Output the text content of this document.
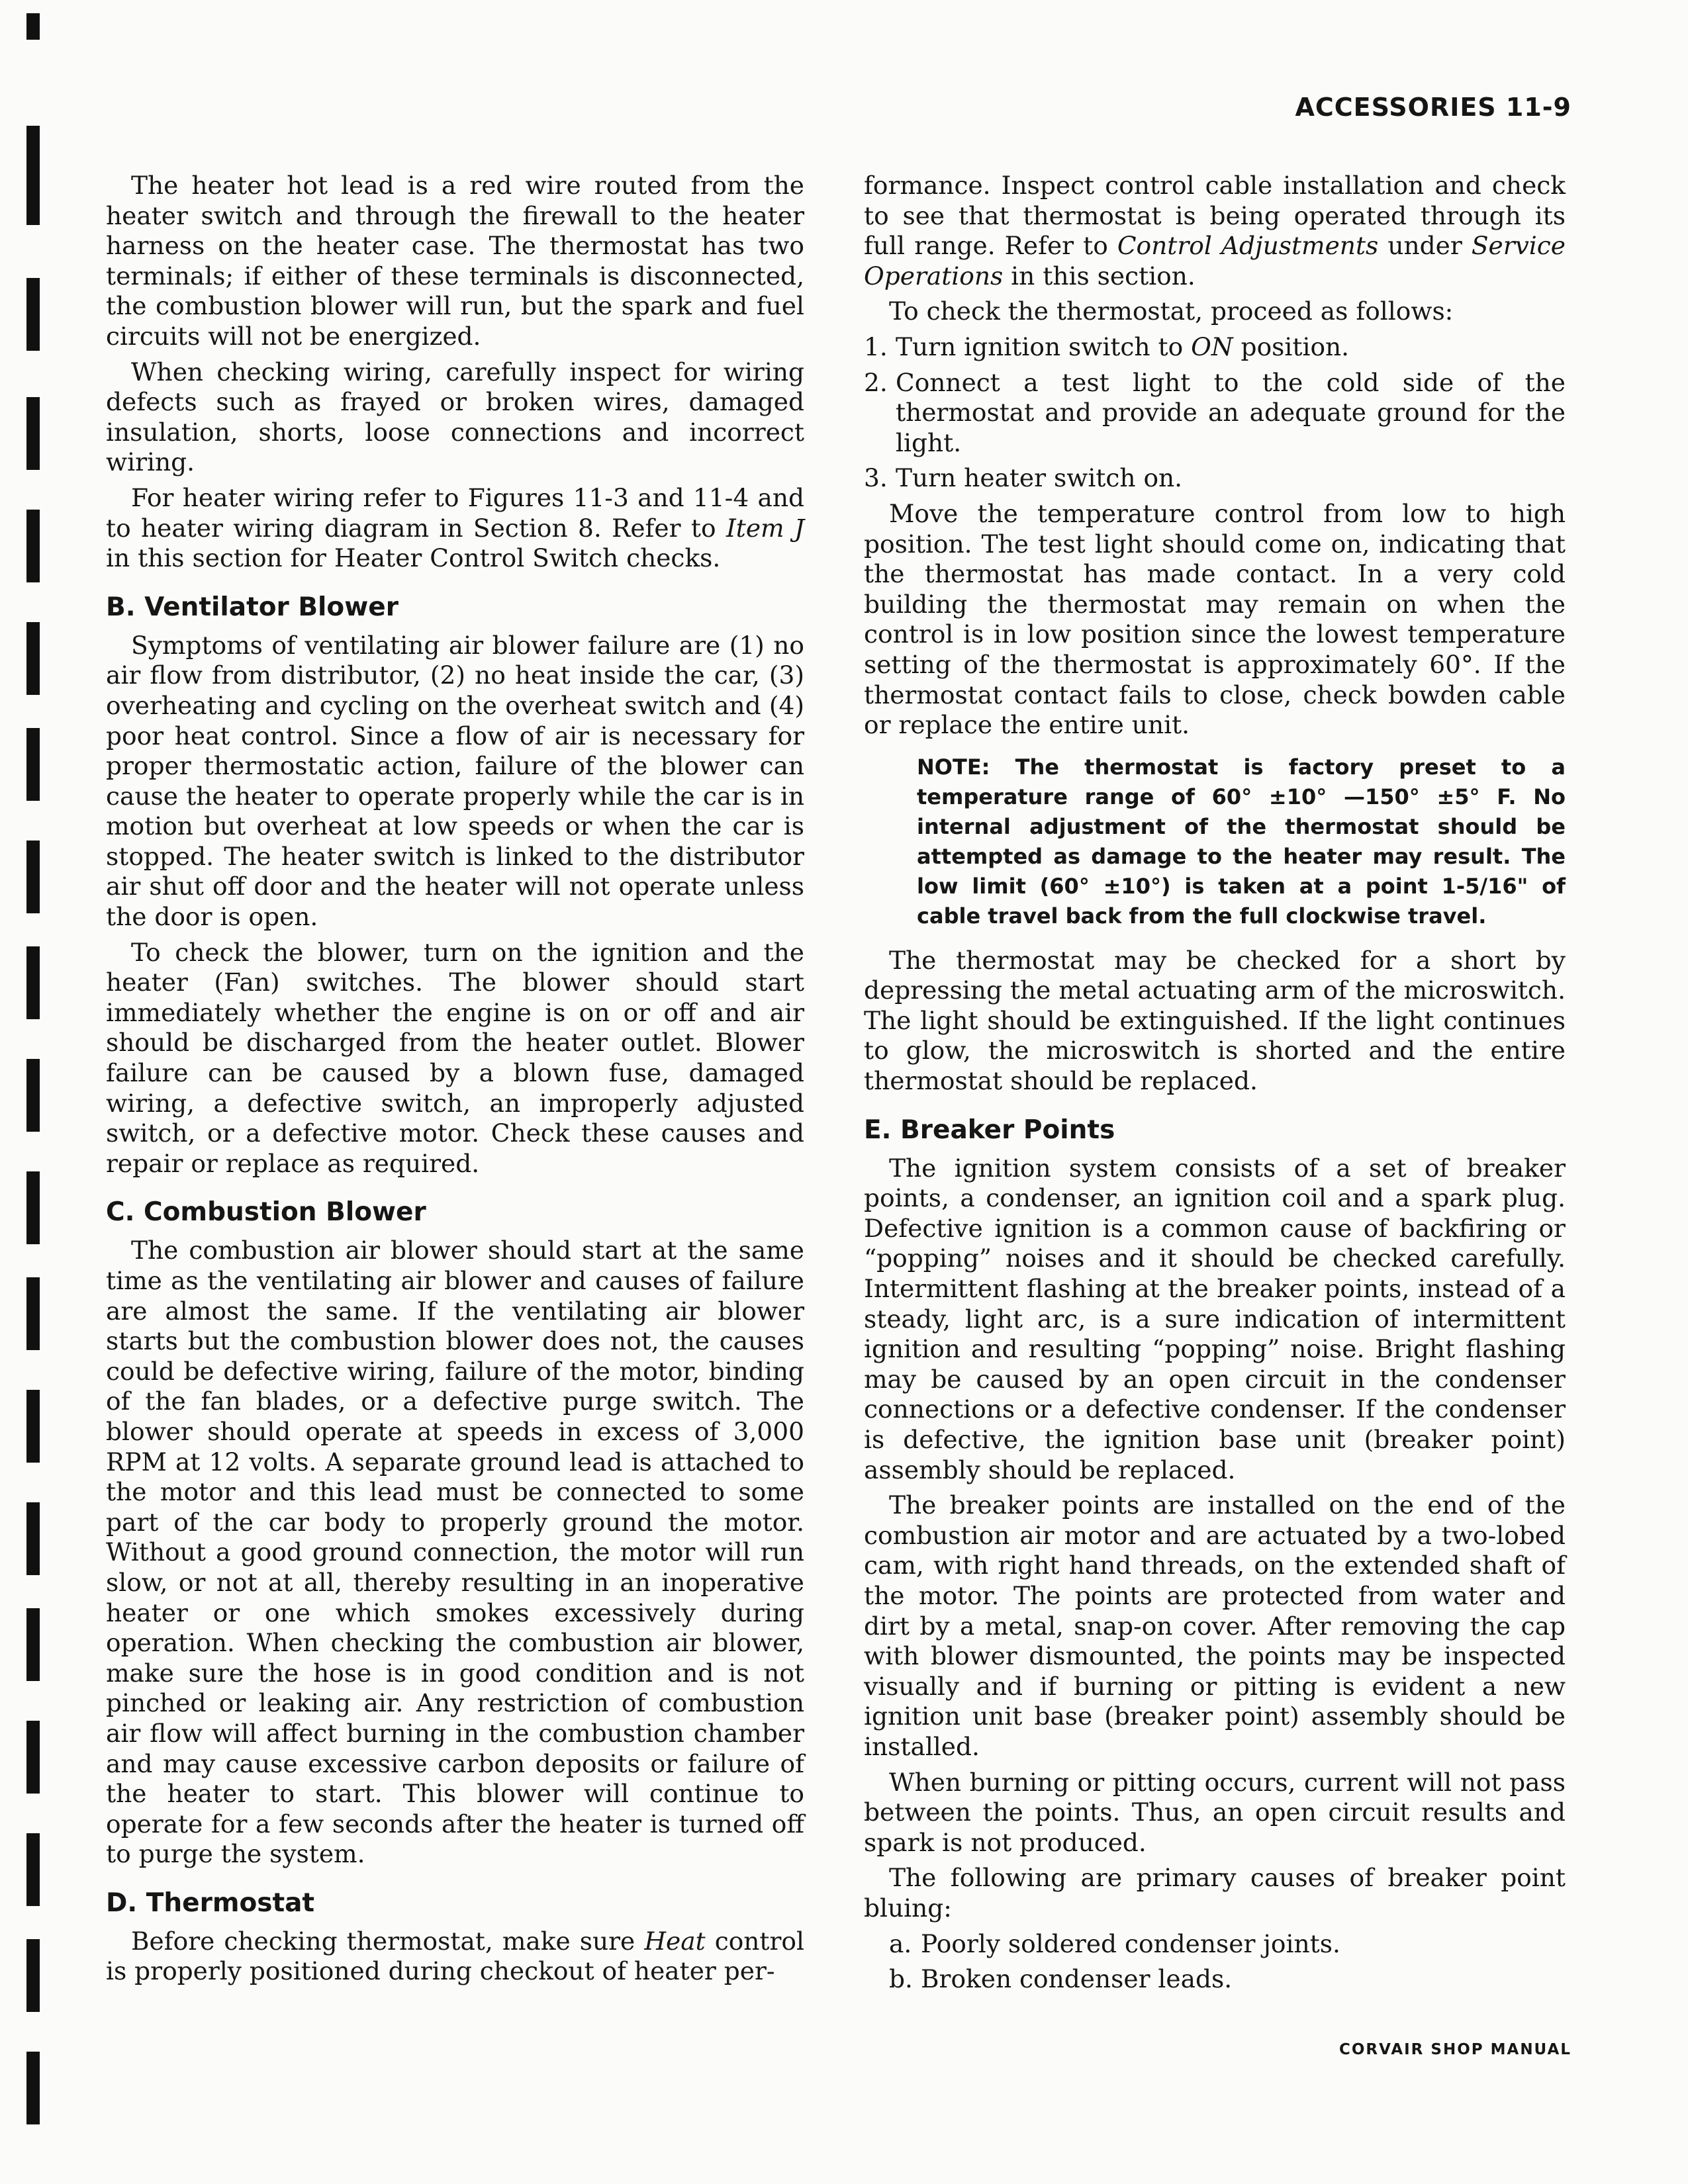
ACCESSORIES 11-9

The heater hot lead is a red wire routed from the heater switch and through the firewall to the heater harness on the heater case. The thermostat has two terminals; if either of these terminals is disconnected, the combustion blower will run, but the spark and fuel circuits will not be energized.

When checking wiring, carefully inspect for wiring defects such as frayed or broken wires, damaged insulation, shorts, loose connections and incorrect wiring.

For heater wiring refer to Figures 11-3 and 11-4 and to heater wiring diagram in Section 8. Refer to Item J in this section for Heater Control Switch checks.

B. Ventilator Blower

Symptoms of ventilating air blower failure are (1) no air flow from distributor, (2) no heat inside the car, (3) overheating and cycling on the overheat switch and (4) poor heat control. Since a flow of air is necessary for proper thermostatic action, failure of the blower can cause the heater to operate properly while the car is in motion but overheat at low speeds or when the car is stopped. The heater switch is linked to the distributor air shut off door and the heater will not operate unless the door is open.

To check the blower, turn on the ignition and the heater (Fan) switches. The blower should start immediately whether the engine is on or off and air should be discharged from the heater outlet. Blower failure can be caused by a blown fuse, damaged wiring, a defective switch, an improperly adjusted switch, or a defective motor. Check these causes and repair or replace as required.

C. Combustion Blower

The combustion air blower should start at the same time as the ventilating air blower and causes of failure are almost the same. If the ventilating air blower starts but the combustion blower does not, the causes could be defective wiring, failure of the motor, binding of the fan blades, or a defective purge switch. The blower should operate at speeds in excess of 3,000 RPM at 12 volts. A separate ground lead is attached to the motor and this lead must be connected to some part of the car body to properly ground the motor. Without a good ground connection, the motor will run slow, or not at all, thereby resulting in an inoperative heater or one which smokes excessively during operation. When checking the combustion air blower, make sure the hose is in good condition and is not pinched or leaking air. Any restriction of combustion air flow will affect burning in the combustion chamber and may cause excessive carbon deposits or failure of the heater to start. This blower will continue to operate for a few seconds after the heater is turned off to purge the system.

D. Thermostat

Before checking thermostat, make sure Heat control is properly positioned during checkout of heater per-

formance. Inspect control cable installation and check to see that thermostat is being operated through its full range. Refer to Control Adjustments under Service Operations in this section.

To check the thermostat, proceed as follows:

1. Turn ignition switch to ON position.
2. Connect a test light to the cold side of the thermostat and provide an adequate ground for the light.
3. Turn heater switch on.

Move the temperature control from low to high position. The test light should come on, indicating that the thermostat has made contact. In a very cold building the thermostat may remain on when the control is in low position since the lowest temperature setting of the thermostat is approximately 60°. If the thermostat contact fails to close, check bowden cable or replace the entire unit.

NOTE: The thermostat is factory preset to a temperature range of 60° ±10° —150° ±5° F. No internal adjustment of the thermostat should be attempted as damage to the heater may result. The low limit (60° ±10°) is taken at a point 1-5/16" of cable travel back from the full clockwise travel.

The thermostat may be checked for a short by depressing the metal actuating arm of the microswitch. The light should be extinguished. If the light continues to glow, the microswitch is shorted and the entire thermostat should be replaced.

E. Breaker Points

The ignition system consists of a set of breaker points, a condenser, an ignition coil and a spark plug. Defective ignition is a common cause of backfiring or “popping” noises and it should be checked carefully. Intermittent flashing at the breaker points, instead of a steady, light arc, is a sure indication of intermittent ignition and resulting “popping” noise. Bright flashing may be caused by an open circuit in the condenser connections or a defective condenser. If the condenser is defective, the ignition base unit (breaker point) assembly should be replaced.

The breaker points are installed on the end of the combustion air motor and are actuated by a two-lobed cam, with right hand threads, on the extended shaft of the motor. The points are protected from water and dirt by a metal, snap-on cover. After removing the cap with blower dismounted, the points may be inspected visually and if burning or pitting is evident a new ignition unit base (breaker point) assembly should be installed.

When burning or pitting occurs, current will not pass between the points. Thus, an open circuit results and spark is not produced.

The following are primary causes of breaker point bluing:

a. Poorly soldered condenser joints.
b. Broken condenser leads.
CORVAIR SHOP MANUAL
